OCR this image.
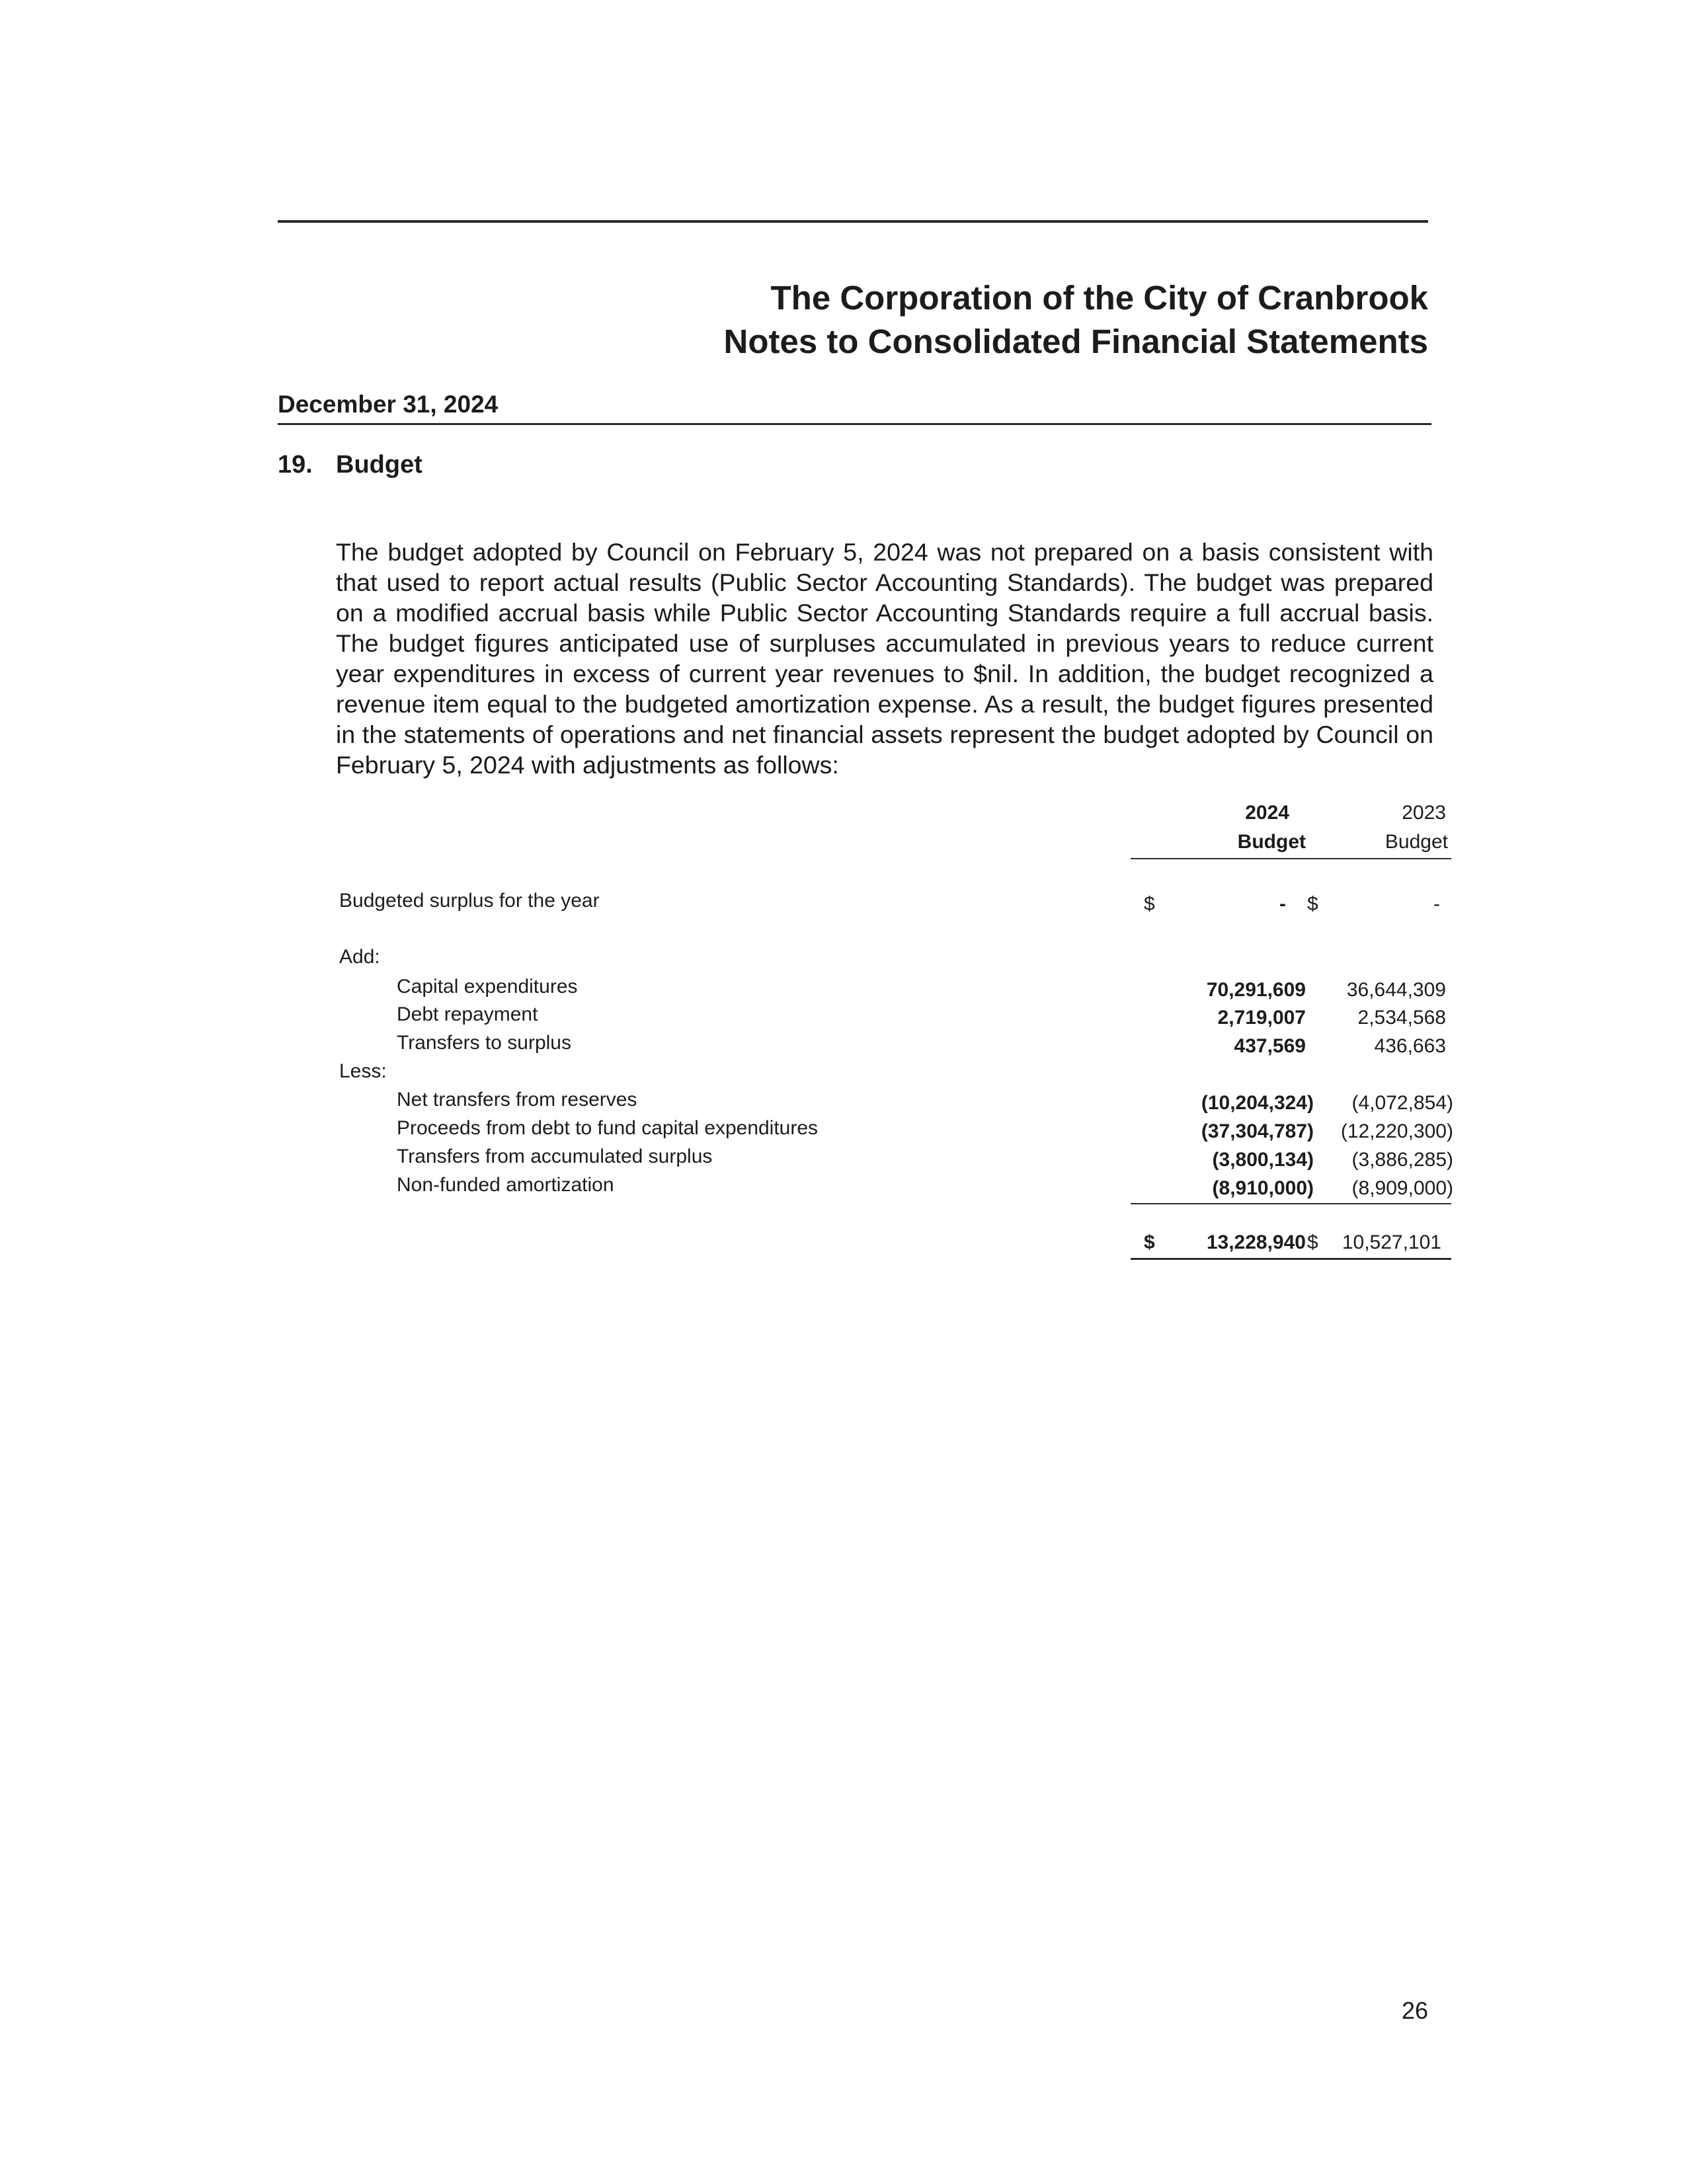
The Corporation of the City of Cranbrook
Notes to Consolidated Financial Statements
December 31, 2024
19. Budget
The budget adopted by Council on February 5, 2024 was not prepared on a basis consistent with that used to report actual results (Public Sector Accounting Standards). The budget was prepared on a modified accrual basis while Public Sector Accounting Standards require a full accrual basis. The budget figures anticipated use of surpluses accumulated in previous years to reduce current year expenditures in excess of current year revenues to $nil. In addition, the budget recognized a revenue item equal to the budgeted amortization expense. As a result, the budget figures presented in the statements of operations and net financial assets represent the budget adopted by Council on February 5, 2024 with adjustments as follows:
2024
Budget
2023
Budget
Budgeted surplus for the year	$	- $	-
Add:
Capital expenditures	70,291,609 36,644,309
Debt repayment	2,719,007	2,534,568
Transfers to surplus	437,569	436,663
Less:
Net transfers from reserves	(10,204,324) (4,072,854)
Proceeds from debt to fund capital expenditures	(37,304,787) (12,220,300)
Transfers from accumulated surplus	(3,800,134) (3,886,285)
Non-funded amortization	(8,910,000) (8,909,000)
$	13,228,940 $ 10,527,101
26
